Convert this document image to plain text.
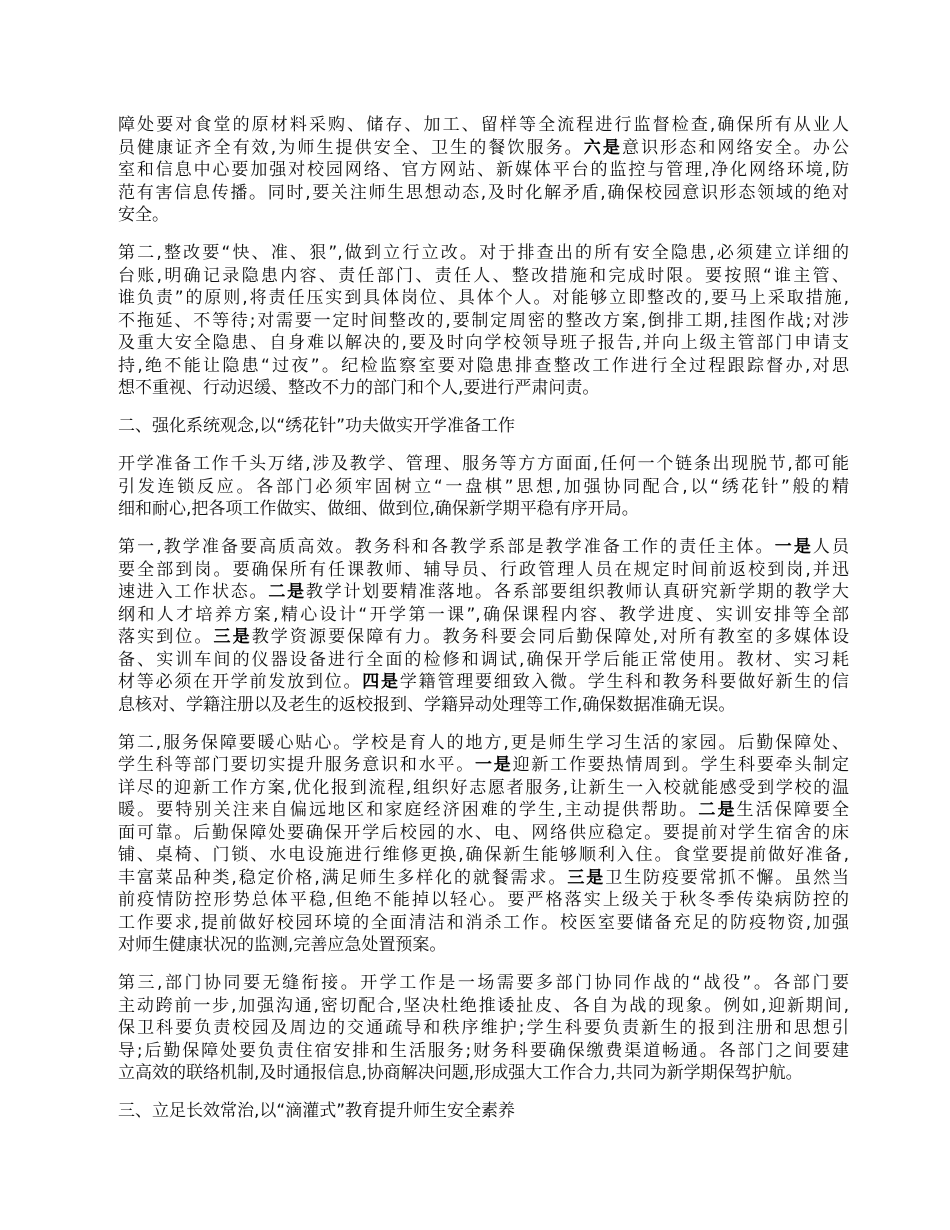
障处要对食堂的原材料采购、储存、加工、留样等全流程进行监督检查,确保所有从业人
员健康证齐全有效,为师生提供安全、卫生的餐饮服务。六是意识形态和网络安全。办公
室和信息中心要加强对校园网络、官方网站、新媒体平台的监控与管理,净化网络环境,防
范有害信息传播。同时,要关注师生思想动态,及时化解矛盾,确保校园意识形态领域的绝对
安全。
第二,整改要“快、准、狠”,做到立行立改。对于排查出的所有安全隐患,必须建立详细的
台账,明确记录隐患内容、责任部门、责任人、整改措施和完成时限。要按照“谁主管、
谁负责”的原则,将责任压实到具体岗位、具体个人。对能够立即整改的,要马上采取措施,
不拖延、不等待;对需要一定时间整改的,要制定周密的整改方案,倒排工期,挂图作战;对涉
及重大安全隐患、自身难以解决的,要及时向学校领导班子报告,并向上级主管部门申请支
持,绝不能让隐患“过夜”。纪检监察室要对隐患排查整改工作进行全过程跟踪督办,对思
想不重视、行动迟缓、整改不力的部门和个人,要进行严肃问责。
二、强化系统观念,以“绣花针”功夫做实开学准备工作
开学准备工作千头万绪,涉及教学、管理、服务等方方面面,任何一个链条出现脱节,都可能
引发连锁反应。各部门必须牢固树立“一盘棋”思想,加强协同配合,以“绣花针”般的精
细和耐心,把各项工作做实、做细、做到位,确保新学期平稳有序开局。
第一,教学准备要高质高效。教务科和各教学系部是教学准备工作的责任主体。一是人员
要全部到岗。要确保所有任课教师、辅导员、行政管理人员在规定时间前返校到岗,并迅
速进入工作状态。二是教学计划要精准落地。各系部要组织教师认真研究新学期的教学大
纲和人才培养方案,精心设计“开学第一课”,确保课程内容、教学进度、实训安排等全部
落实到位。三是教学资源要保障有力。教务科要会同后勤保障处,对所有教室的多媒体设
备、实训车间的仪器设备进行全面的检修和调试,确保开学后能正常使用。教材、实习耗
材等必须在开学前发放到位。四是学籍管理要细致入微。学生科和教务科要做好新生的信
息核对、学籍注册以及老生的返校报到、学籍异动处理等工作,确保数据准确无误。
第二,服务保障要暖心贴心。学校是育人的地方,更是师生学习生活的家园。后勤保障处、
学生科等部门要切实提升服务意识和水平。一是迎新工作要热情周到。学生科要牵头制定
详尽的迎新工作方案,优化报到流程,组织好志愿者服务,让新生一入校就能感受到学校的温
暖。要特别关注来自偏远地区和家庭经济困难的学生,主动提供帮助。二是生活保障要全
面可靠。后勤保障处要确保开学后校园的水、电、网络供应稳定。要提前对学生宿舍的床
铺、桌椅、门锁、水电设施进行维修更换,确保新生能够顺利入住。食堂要提前做好准备,
丰富菜品种类,稳定价格,满足师生多样化的就餐需求。三是卫生防疫要常抓不懈。虽然当
前疫情防控形势总体平稳,但绝不能掉以轻心。要严格落实上级关于秋冬季传染病防控的
工作要求,提前做好校园环境的全面清洁和消杀工作。校医室要储备充足的防疫物资,加强
对师生健康状况的监测,完善应急处置预案。
第三,部门协同要无缝衔接。开学工作是一场需要多部门协同作战的“战役”。各部门要
主动跨前一步,加强沟通,密切配合,坚决杜绝推诿扯皮、各自为战的现象。例如,迎新期间,
保卫科要负责校园及周边的交通疏导和秩序维护;学生科要负责新生的报到注册和思想引
导;后勤保障处要负责住宿安排和生活服务;财务科要确保缴费渠道畅通。各部门之间要建
立高效的联络机制,及时通报信息,协商解决问题,形成强大工作合力,共同为新学期保驾护航。
三、立足长效常治,以“滴灌式”教育提升师生安全素养
